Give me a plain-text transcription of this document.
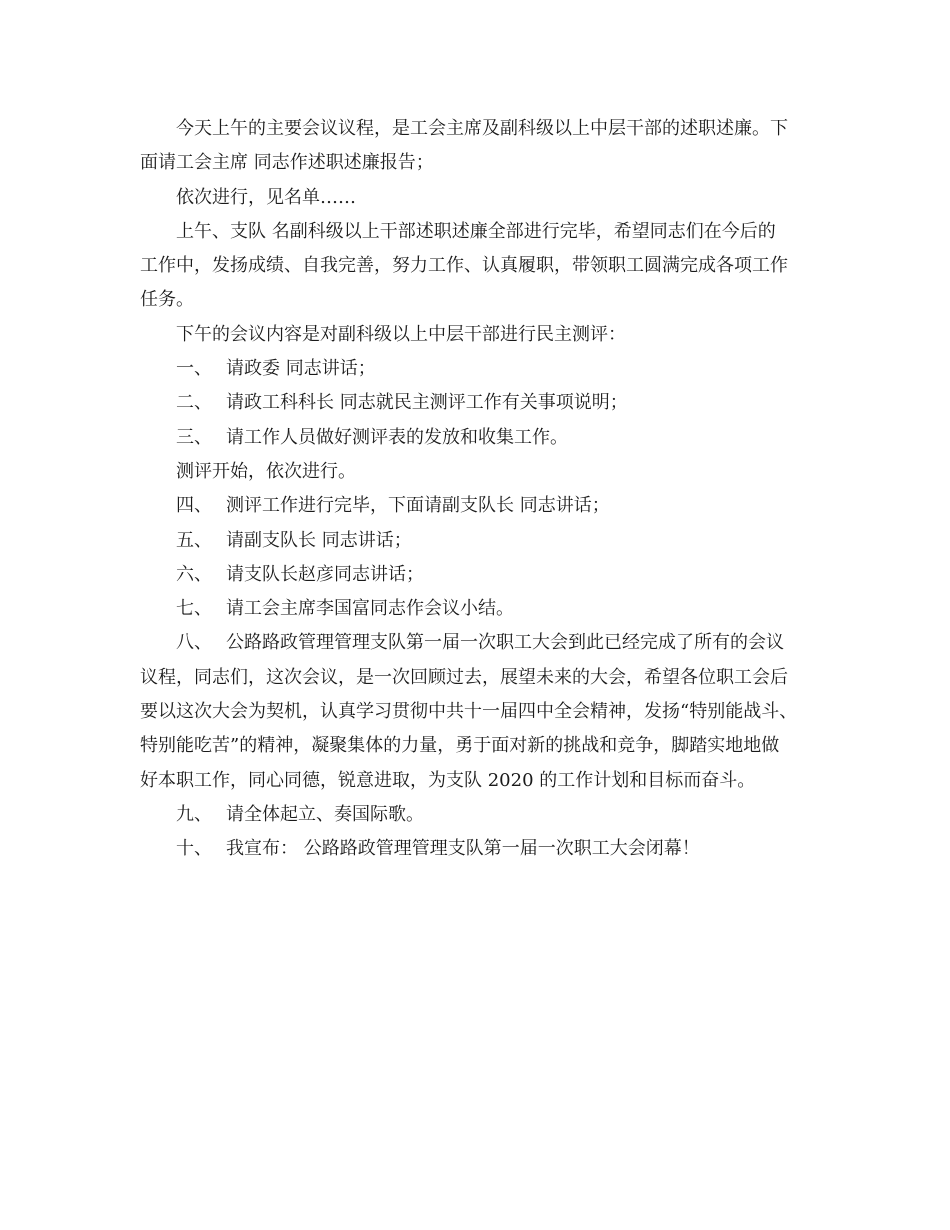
今天上午的主要会议议程，是工会主席及副科级以上中层干部的述职述廉。下
面请工会主席 同志作述职述廉报告；
依次进行，见名单……
上午、支队 名副科级以上干部述职述廉全部进行完毕，希望同志们在今后的
工作中，发扬成绩、自我完善，努力工作、认真履职，带领职工圆满完成各项工作
任务。
下午的会议内容是对副科级以上中层干部进行民主测评：
一、 请政委 同志讲话；
二、 请政工科科长 同志就民主测评工作有关事项说明；
三、 请工作人员做好测评表的发放和收集工作。
测评开始，依次进行。
四、 测评工作进行完毕，下面请副支队长 同志讲话；
五、 请副支队长 同志讲话；
六、 请支队长赵彦同志讲话；
七、 请工会主席李国富同志作会议小结。
八、 公路路政管理管理支队第一届一次职工大会到此已经完成了所有的会议
议程，同志们，这次会议，是一次回顾过去，展望未来的大会，希望各位职工会后
要以这次大会为契机，认真学习贯彻中共十一届四中全会精神，发扬“特别能战斗、
特别能吃苦”的精神，凝聚集体的力量，勇于面对新的挑战和竞争，脚踏实地地做
好本职工作，同心同德，锐意进取，为支队 2020 的工作计划和目标而奋斗。
九、 请全体起立、奏国际歌。
十、 我宣布： 公路路政管理管理支队第一届一次职工大会闭幕！
